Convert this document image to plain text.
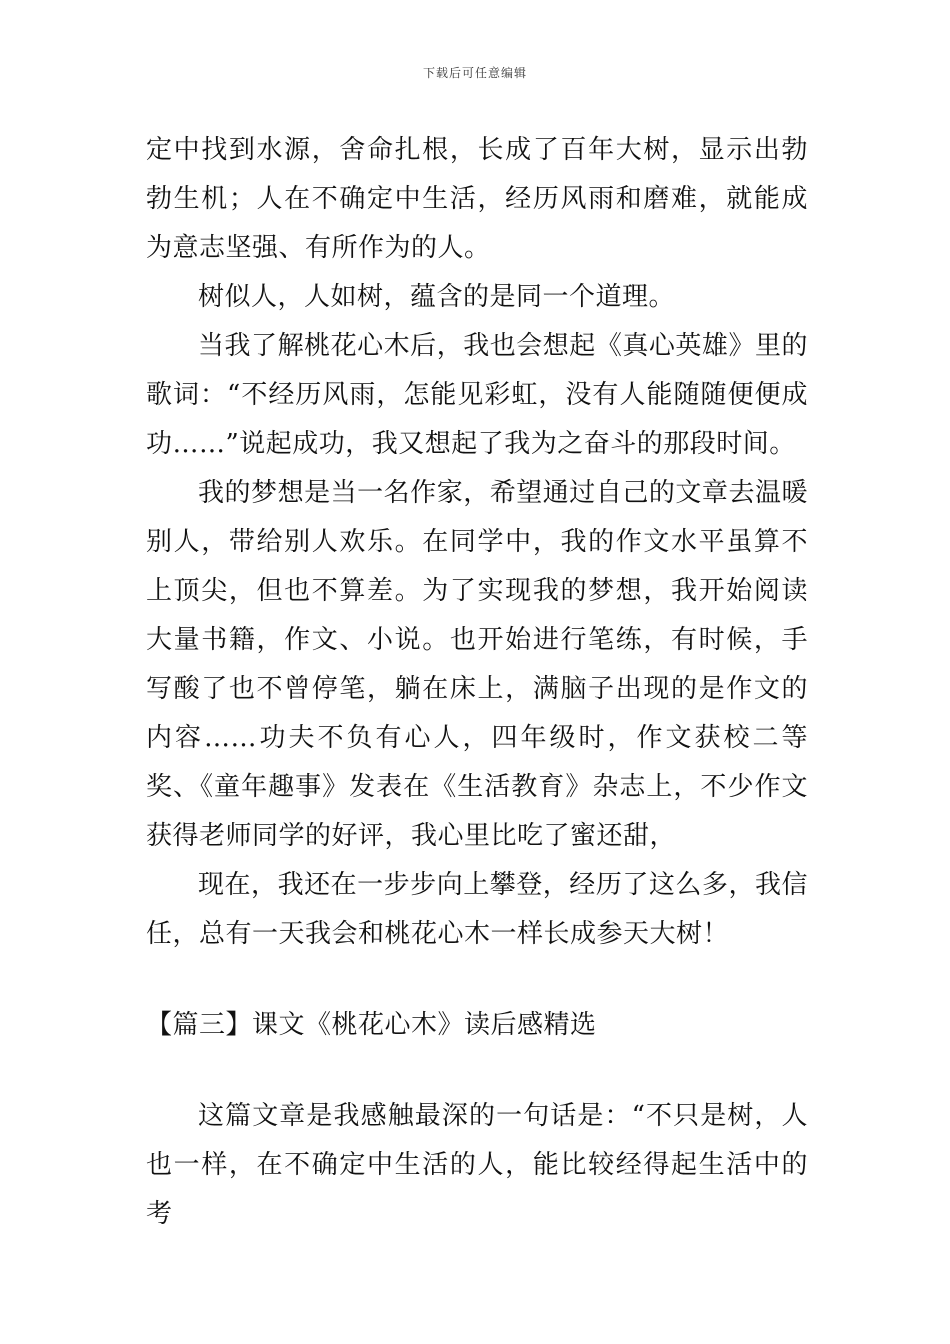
下载后可任意编辑

定中找到水源，舍命扎根，长成了百年大树，显示出勃勃生机；人在不确定中生活，经历风雨和磨难，就能成为意志坚强、有所作为的人。

树似人，人如树，蕴含的是同一个道理。

当我了解桃花心木后，我也会想起《真心英雄》里的歌词：“不经历风雨，怎能见彩虹，没有人能随随便便成功……”说起成功，我又想起了我为之奋斗的那段时间。

我的梦想是当一名作家，希望通过自己的文章去温暖别人，带给别人欢乐。在同学中，我的作文水平虽算不上顶尖，但也不算差。为了实现我的梦想，我开始阅读大量书籍，作文、小说。也开始进行笔练，有时候，手写酸了也不曾停笔，躺在床上，满脑子出现的是作文的内容……功夫不负有心人，四年级时，作文获校二等奖、《童年趣事》发表在《生活教育》杂志上，不少作文获得老师同学的好评，我心里比吃了蜜还甜，

现在，我还在一步步向上攀登，经历了这么多，我信任，总有一天我会和桃花心木一样长成参天大树！

【篇三】课文《桃花心木》读后感精选

这篇文章是我感触最深的一句话是：“不只是树，人也一样，在不确定中生活的人，能比较经得起生活中的考
